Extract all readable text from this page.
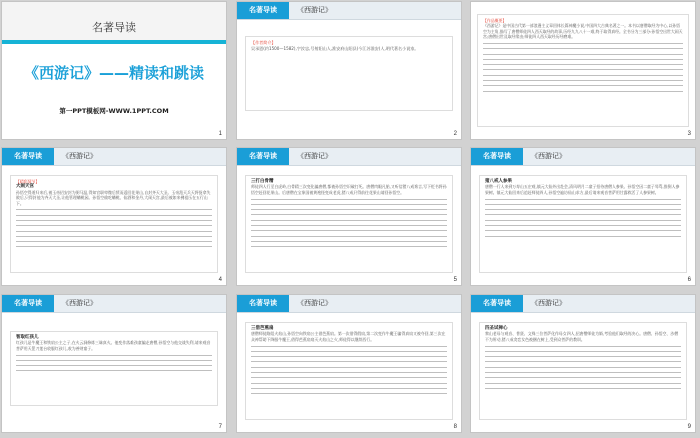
名著导读
《西游记》——精读和跳读
第一PPT模板网-WWW.1PPT.COM
1
名著导读	《西游记》
【作者简介】
吴承恩(约1500—1582),字汝忠,号射阳山人,淮安府山阳县(今江苏淮安)人,明代著名小说家。
2
【作品概要】
《西游记》是中国古代第一部浪漫主义章回体长篇神魔小说,中国四大古典名著之一。本书以唐僧取经为中心,以孙悟空为主角,描写了唐僧师徒四人西天取经的故事,历经九九八十一难,终于取得真经。全书分为三部分:孙悟空出世大闹天宫;唐僧出世及取经缘由;师徒四人西天取经历经磨难。
3
名著导读	《西游记》
【精彩情节】
大闹天宫
孙悟空得道归来后,被玉帝招安封为弼马温,得知官职卑微后愤而返回花果山,自封齐天大圣。玉帝派天兵天将捉拿失败后,只得封他为齐天大圣,让他管理蟠桃园。孙悟空偷吃蟠桃、仙酒和金丹,大闹天宫,最后被如来佛祖压在五行山下。
4
名著导读	《西游记》
三打白骨精
师徒四人行至白虎岭,白骨精三次变化骗唐僧,都被孙悟空识破打死。唐僧肉眼凡胎,又听信猪八戒谗言,写下贬书将孙悟空赶回花果山。后唐僧在宝象国被黄袍怪变成老虎,猪八戒只得前往花果山请回孙悟空。
5
名著导读	《西游记》
猪八戒人参果
唐僧一行人来到万寿山五庄观,镇元大仙外出赴会,清风明月二童子招待唐僧人参果。孙悟空因二童子辱骂,推倒人参果树。镇元大仙回来后追赶师徒四人,孙悟空遍访仙山求方,最后请来观音菩萨用甘露救活了人参果树。
6
名著导读	《西游记》
智取红孩儿
红孩儿是牛魔王和铁扇公主之子,在火云洞修炼三昧真火。他变作落难孩童骗走唐僧,孙悟空与他交战失利,请来观音菩萨用天罡刀莲台收服红孩儿,收为善财童子。
7
名著导读	《西游记》
三借芭蕉扇
唐僧师徒路阻火焰山,孙悟空向铁扇公主借芭蕉扇。第一次借得假扇,第二次变作牛魔王骗得真扇又被夺回,第三次在众神帮助下降服牛魔王,借得芭蕉扇扇灭火焰山之火,师徒得以继续西行。
8
名著导读	《西游记》
四圣试禅心
黎山老母与观音、普贤、文殊三位菩萨化作母女四人,招唐僧师徒为婿,考验他们取经的决心。唐僧、孙悟空、沙僧不为所动,猪八戒贪恋女色被捆在树上,受到众菩萨的教训。
9
